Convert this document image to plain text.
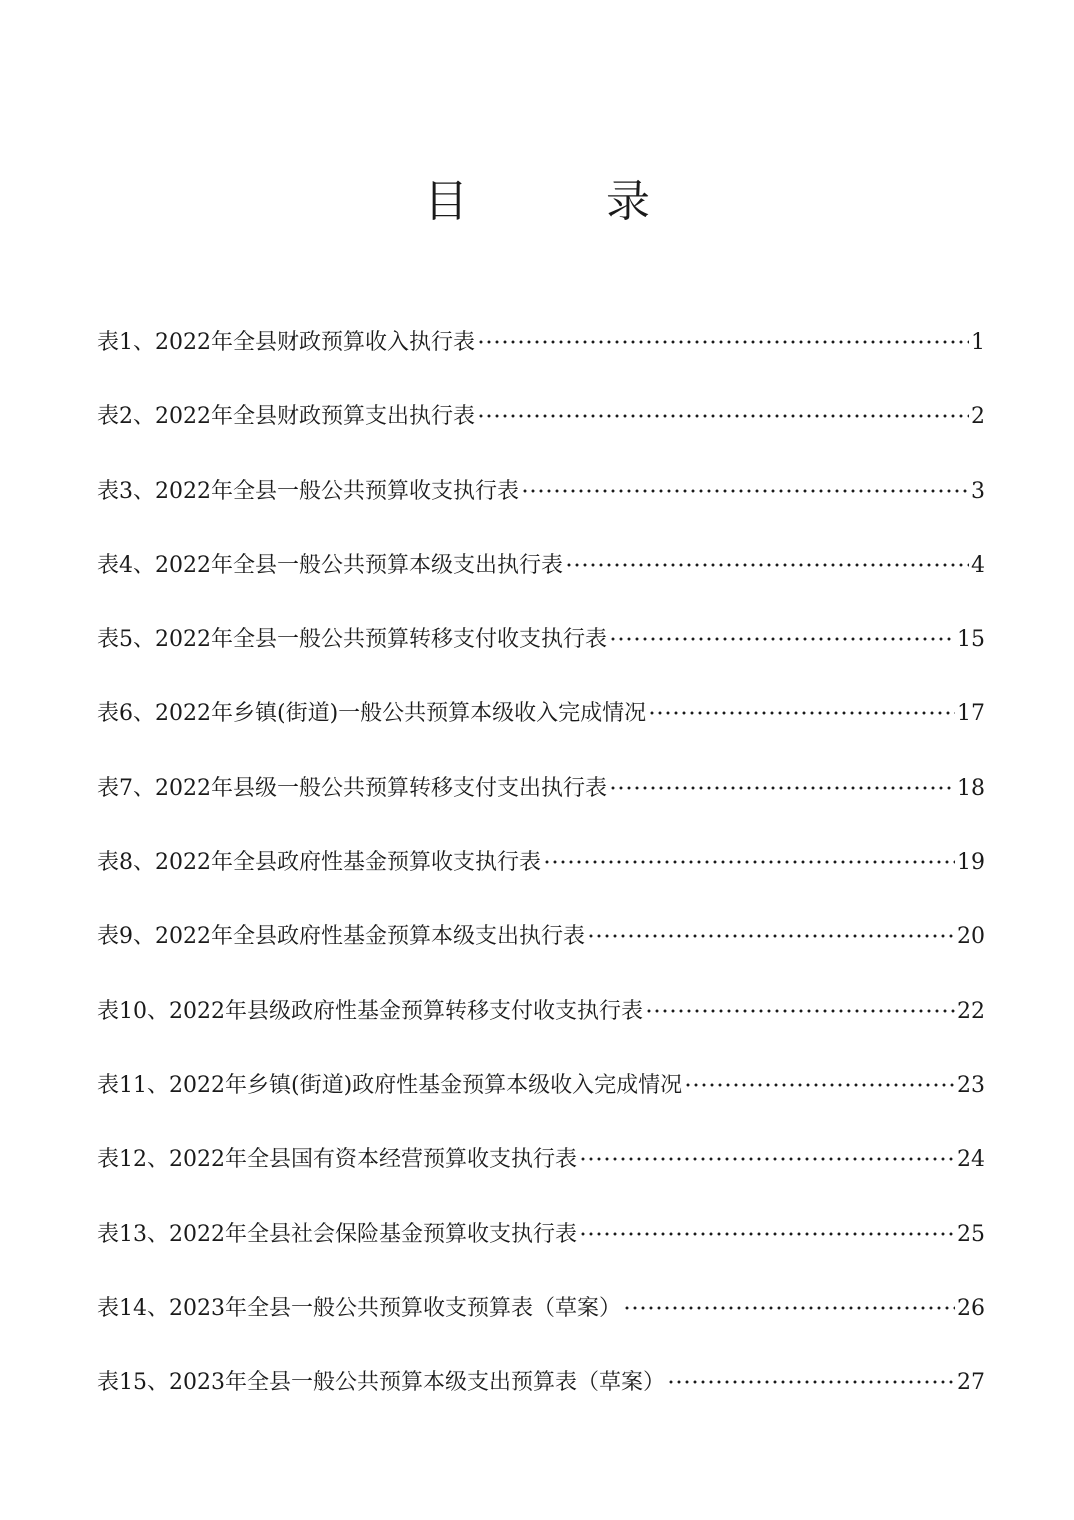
目	录
表1、2022年全县财政预算收入执行表	1
表2、2022年全县财政预算支出执行表	2
表3、2022年全县一般公共预算收支执行表	3
表4、2022年全县一般公共预算本级支出执行表	4
表5、2022年全县一般公共预算转移支付收支执行表	15
表6、2022年乡镇(街道)一般公共预算本级收入完成情况	17
表7、2022年县级一般公共预算转移支付支出执行表	18
表8、2022年全县政府性基金预算收支执行表	19
表9、2022年全县政府性基金预算本级支出执行表	20
表10、2022年县级政府性基金预算转移支付收支执行表	22
表11、2022年乡镇(街道)政府性基金预算本级收入完成情况	23
表12、2022年全县国有资本经营预算收支执行表	24
表13、2022年全县社会保险基金预算收支执行表	25
表14、2023年全县一般公共预算收支预算表（草案）	26
表15、2023年全县一般公共预算本级支出预算表（草案）	27
